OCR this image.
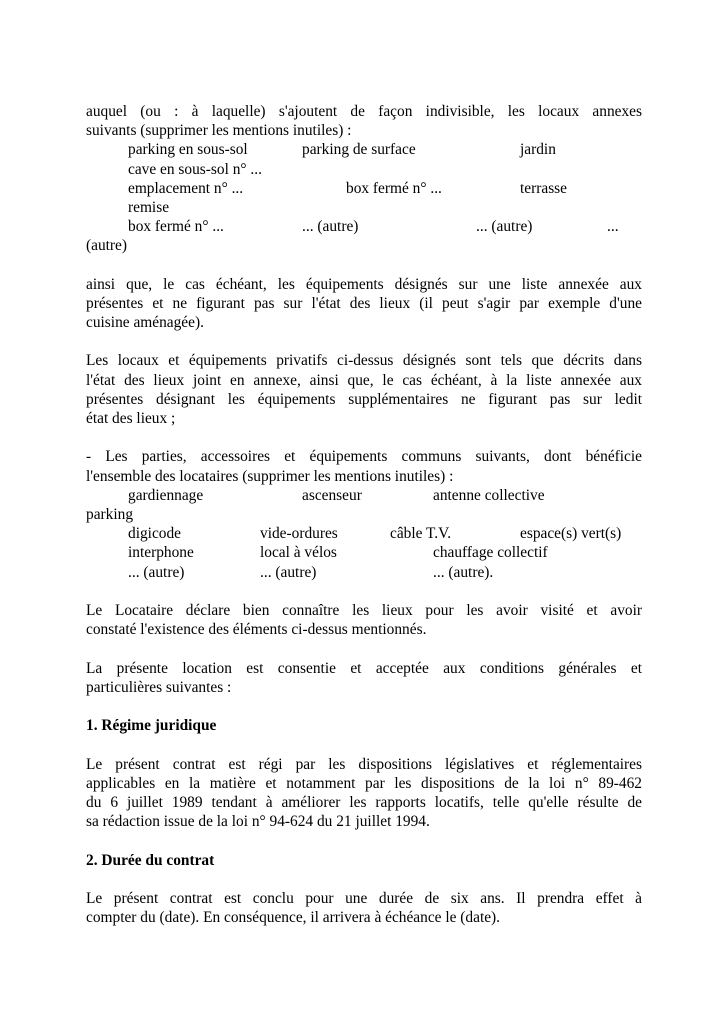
auquel (ou : à laquelle) s'ajoutent de façon indivisible, les locaux annexes
suivants (supprimer les mentions inutiles) :
parking en sous-sol	parking de surface	jardin
cave en sous-sol n° ...
emplacement n° ...	box fermé n° ...	terrasse
remise
box fermé n° ...	... (autre)	... (autre)	...
(autre)
ainsi que, le cas échéant, les équipements désignés sur une liste annexée aux
présentes et ne figurant pas sur l'état des lieux (il peut s'agir par exemple d'une
cuisine aménagée).
Les locaux et équipements privatifs ci-dessus désignés sont tels que décrits dans
l'état des lieux joint en annexe, ainsi que, le cas échéant, à la liste annexée aux
présentes désignant les équipements supplémentaires ne figurant pas sur ledit
état des lieux ;
- Les parties, accessoires et équipements communs suivants, dont bénéficie
l'ensemble des locataires (supprimer les mentions inutiles) :
gardiennage	ascenseur	antenne collective
parking
digicode	vide-ordures	câble T.V.	espace(s) vert(s)
interphone	local à vélos	chauffage collectif
... (autre)	... (autre)	... (autre).
Le Locataire déclare bien connaître les lieux pour les avoir visité et avoir
constaté l'existence des éléments ci-dessus mentionnés.
La présente location est consentie et acceptée aux conditions générales et
particulières suivantes :
1. Régime juridique
Le présent contrat est régi par les dispositions législatives et réglementaires
applicables en la matière et notamment par les dispositions de la loi n° 89-462
du 6 juillet 1989 tendant à améliorer les rapports locatifs, telle qu'elle résulte de
sa rédaction issue de la loi n° 94-624 du 21 juillet 1994.
2. Durée du contrat
Le présent contrat est conclu pour une durée de six ans. Il prendra effet à
compter du (date). En conséquence, il arrivera à échéance le (date).
